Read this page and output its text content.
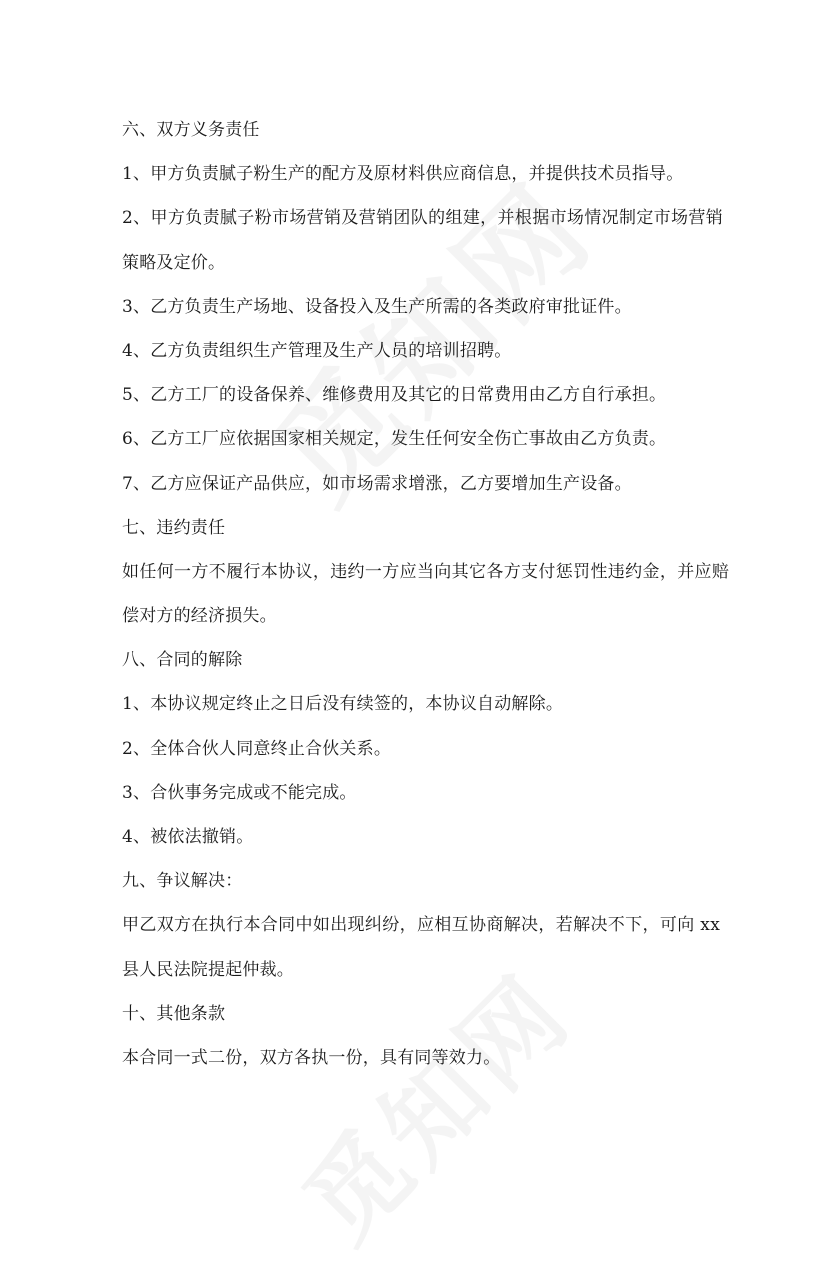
六、双方义务责任
1、甲方负责腻子粉生产的配方及原材料供应商信息，并提供技术员指导。
2、甲方负责腻子粉市场营销及营销团队的组建，并根据市场情况制定市场营销
策略及定价。
3、乙方负责生产场地、设备投入及生产所需的各类政府审批证件。
4、乙方负责组织生产管理及生产人员的培训招聘。
5、乙方工厂的设备保养、维修费用及其它的日常费用由乙方自行承担。
6、乙方工厂应依据国家相关规定，发生任何安全伤亡事故由乙方负责。
7、乙方应保证产品供应，如市场需求增涨，乙方要增加生产设备。
七、违约责任
如任何一方不履行本协议，违约一方应当向其它各方支付惩罚性违约金，并应赔
偿对方的经济损失。
八、合同的解除
1、本协议规定终止之日后没有续签的，本协议自动解除。
2、全体合伙人同意终止合伙关系。
3、合伙事务完成或不能完成。
4、被依法撤销。
九、争议解决：
甲乙双方在执行本合同中如出现纠纷，应相互协商解决，若解决不下，可向 xx
县人民法院提起仲裁。
十、其他条款
本合同一式二份，双方各执一份，具有同等效力。
